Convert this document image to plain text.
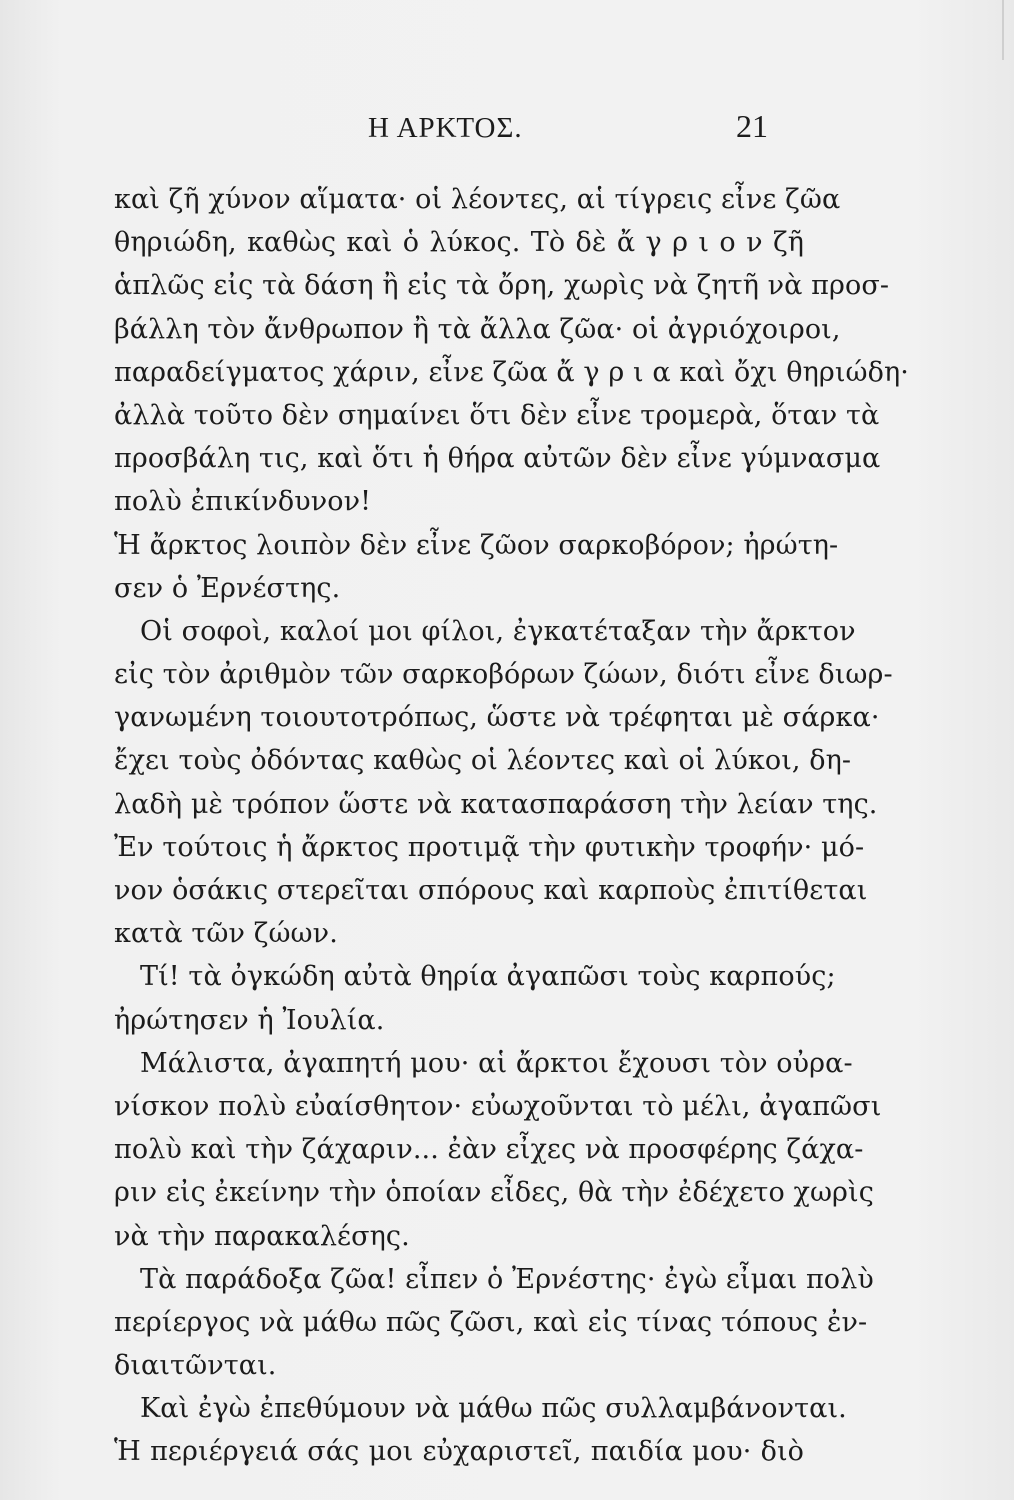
Η ΑΡΚΤΟΣ.	21
καὶ ζῆ χύνον αἵματα· οἱ λέοντες, αἱ τίγρεις εἶνε ζῶα
θηριώδη, καθὼς καὶ ὁ λύκος. Τὸ δὲ ἄ γ ρ ι ο ν ζῆ
ἁπλῶς εἰς τὰ δάση ἢ εἰς τὰ ὄρη, χωρὶς νὰ ζητῆ νὰ προσ-
βάλλη τὸν ἄνθρωπον ἢ τὰ ἄλλα ζῶα· οἱ ἀγριόχοιροι,
παραδείγματος χάριν, εἶνε ζῶα ἄ γ ρ ι α καὶ ὄχι θηριώδη·
ἀλλὰ τοῦτο δὲν σημαίνει ὅτι δὲν εἶνε τρομερὰ, ὅταν τὰ
προσβάλη τις, καὶ ὅτι ἡ θήρα αὐτῶν δὲν εἶνε γύμνασμα
πολὺ ἐπικίνδυνον!
Ἡ ἄρκτος λοιπὸν δὲν εἶνε ζῶον σαρκοβόρον; ἠρώτη-
σεν ὁ Ἐρνέστης.
Οἱ σοφοὶ, καλοί μοι φίλοι, ἐγκατέταξαν τὴν ἄρκτον
εἰς τὸν ἀριθμὸν τῶν σαρκοβόρων ζώων, διότι εἶνε διωρ-
γανωμένη τοιουτοτρόπως, ὥστε νὰ τρέφηται μὲ σάρκα·
ἔχει τοὺς ὀδόντας καθὼς οἱ λέοντες καὶ οἱ λύκοι, δη-
λαδὴ μὲ τρόπον ὥστε νὰ κατασπαράσση τὴν λείαν της.
Ἐν τούτοις ἡ ἄρκτος προτιμᾷ τὴν φυτικὴν τροφήν· μό-
νον ὁσάκις στερεῖται σπόρους καὶ καρποὺς ἐπιτίθεται
κατὰ τῶν ζώων.
Τί! τὰ ὀγκώδη αὐτὰ θηρία ἀγαπῶσι τοὺς καρπούς;
ἠρώτησεν ἡ Ἰουλία.
Μάλιστα, ἀγαπητή μου· αἱ ἄρκτοι ἔχουσι τὸν οὐρα-
νίσκον πολὺ εὐαίσθητον· εὐωχοῦνται τὸ μέλι, ἀγαπῶσι
πολὺ καὶ τὴν ζάχαριν... ἐὰν εἶχες νὰ προσφέρης ζάχα-
ριν εἰς ἐκείνην τὴν ὁποίαν εἶδες, θὰ τὴν ἐδέχετο χωρὶς
νὰ τὴν παρακαλέσης.
Τὰ παράδοξα ζῶα! εἶπεν ὁ Ἐρνέστης· ἐγὼ εἶμαι πολὺ
περίεργος νὰ μάθω πῶς ζῶσι, καὶ εἰς τίνας τόπους ἐν-
διαιτῶνται.
Καὶ ἐγὼ ἐπεθύμουν νὰ μάθω πῶς συλλαμβάνονται.
Ἡ περιέργειά σάς μοι εὐχαριστεῖ, παιδία μου· διὸ
